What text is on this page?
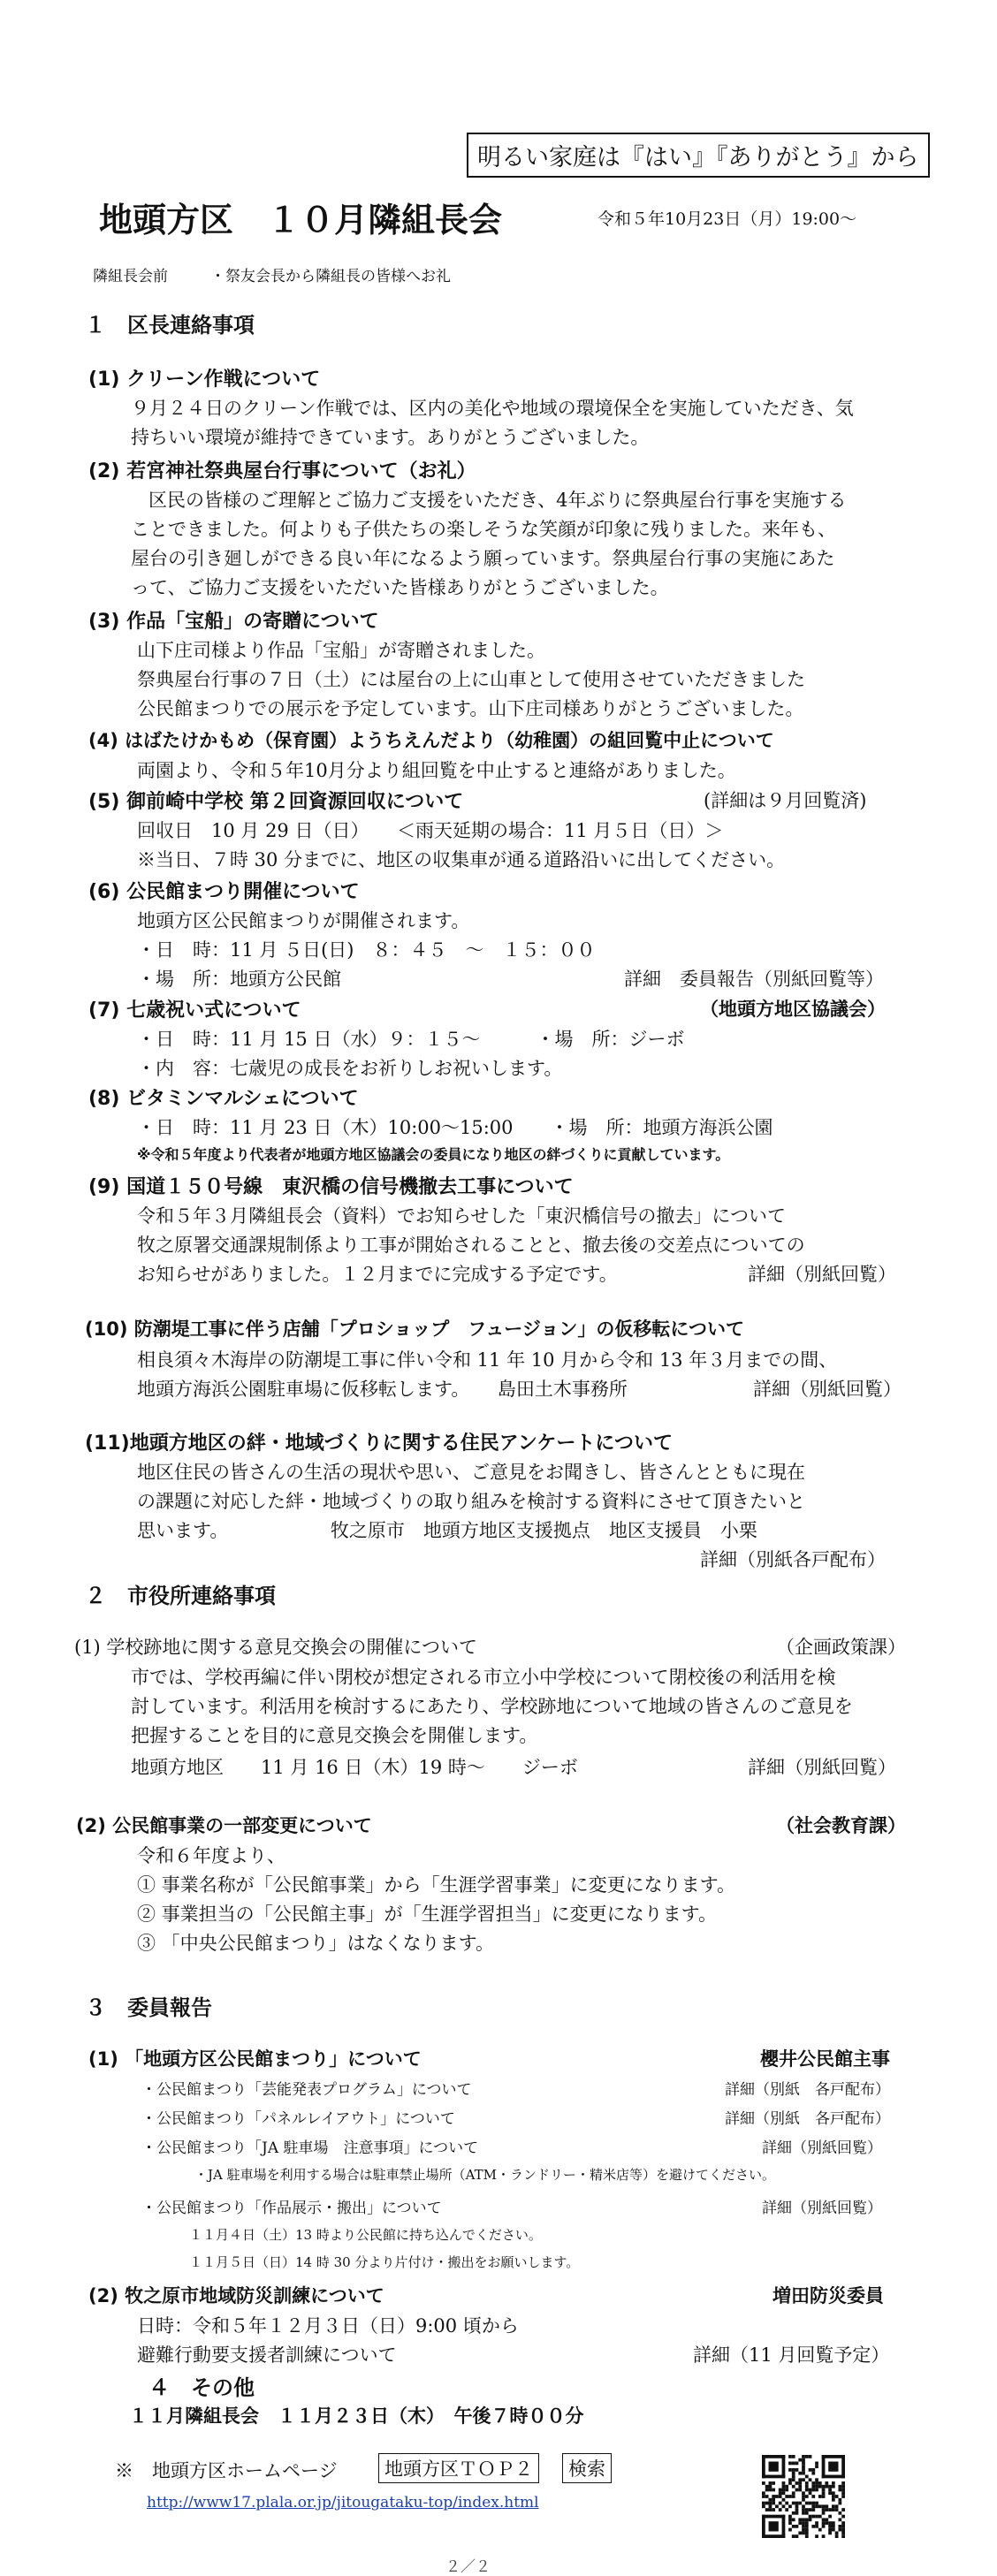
明るい家庭は『はい』『ありがとう』から
地頭方区　１０月隣組長会	令和５年10月23日（月）19:00～
隣組長会前	・祭友会長から隣組長の皆様へお礼
１　区長連絡事項
(1) クリーン作戦について
９月２４日のクリーン作戦では、区内の美化や地域の環境保全を実施していただき、気
持ちいい環境が維持できています。ありがとうございました。
(2) 若宮神社祭典屋台行事について（お礼）
区民の皆様のご理解とご協力ご支援をいただき、4年ぶりに祭典屋台行事を実施する
ことできました。何よりも子供たちの楽しそうな笑顔が印象に残りました。来年も、
屋台の引き廻しができる良い年になるよう願っています。祭典屋台行事の実施にあた
って、ご協力ご支援をいただいた皆様ありがとうございました。
(3) 作品「宝船」の寄贈について
山下庄司様より作品「宝船」が寄贈されました。
祭典屋台行事の７日（土）には屋台の上に山車として使用させていただきました
公民館まつりでの展示を予定しています。山下庄司様ありがとうございました。
(4) はばたけかもめ（保育園）ようちえんだより（幼稚園）の組回覧中止について
両園より、令和５年10月分より組回覧を中止すると連絡がありました。
(5) 御前崎中学校 第２回資源回収について	(詳細は９月回覧済)
回収日　10 月 29 日（日）　　＜雨天延期の場合：11 月５日（日）＞
※当日、７時 30 分までに、地区の収集車が通る道路沿いに出してください。
(6) 公民館まつり開催について
地頭方区公民館まつりが開催されます。
・日　時：11 月 ５日(日)　８：４５　～　１５：００
・場　所：地頭方公民館	詳細　委員報告（別紙回覧等）
(7) 七歳祝い式について	（地頭方地区協議会）
・日　時：11 月 15 日（水）９：１５～　　　・場　所：ジーボ
・内　容：七歳児の成長をお祈りしお祝いします。
(8) ビタミンマルシェについて
・日　時：11 月 23 日（木）10:00～15:00　　・場　所：地頭方海浜公園
※令和５年度より代表者が地頭方地区協議会の委員になり地区の絆づくりに貢献しています。
(9) 国道１５０号線　東沢橋の信号機撤去工事について
令和５年３月隣組長会（資料）でお知らせした「東沢橋信号の撤去」について
牧之原署交通課規制係より工事が開始されることと、撤去後の交差点についての
お知らせがありました。１２月までに完成する予定です。	詳細（別紙回覧）
(10) 防潮堤工事に伴う店舗「プロショップ　フュージョン」の仮移転について
相良須々木海岸の防潮堤工事に伴い令和 11 年 10 月から令和 13 年３月までの間、
地頭方海浜公園駐車場に仮移転します。　　島田土木事務所	詳細（別紙回覧）
(11)地頭方地区の絆・地域づくりに関する住民アンケートについて
地区住民の皆さんの生活の現状や思い、ご意見をお聞きし、皆さんとともに現在
の課題に対応した絆・地域づくりの取り組みを検討する資料にさせて頂きたいと
思います。　　　　　　牧之原市　地頭方地区支援拠点　地区支援員　小栗
詳細（別紙各戸配布）
２　市役所連絡事項
(1) 学校跡地に関する意見交換会の開催について	（企画政策課）
市では、学校再編に伴い閉校が想定される市立小中学校について閉校後の利活用を検
討しています。利活用を検討するにあたり、学校跡地について地域の皆さんのご意見を
把握することを目的に意見交換会を開催します。
地頭方地区　　11 月 16 日（木）19 時～　　ジーボ	詳細（別紙回覧）
(2) 公民館事業の一部変更について	（社会教育課）
令和６年度より、
① 事業名称が「公民館事業」から「生涯学習事業」に変更になります。
② 事業担当の「公民館主事」が「生涯学習担当」に変更になります。
③ 「中央公民館まつり」はなくなります。
３　委員報告
(1) 「地頭方区公民館まつり」について	櫻井公民館主事
・公民館まつり「芸能発表プログラム」について	詳細（別紙　各戸配布）
・公民館まつり「パネルレイアウト」について	詳細（別紙　各戸配布）
・公民館まつり「JA 駐車場　注意事項」について	詳細（別紙回覧）
・JA 駐車場を利用する場合は駐車禁止場所（ATM・ランドリー・精米店等）を避けてください。
・公民館まつり「作品展示・搬出」について	詳細（別紙回覧）
１１月４日（土）13 時より公民館に持ち込んでください。
１１月５日（日）14 時 30 分より片付け・搬出をお願いします。
(2) 牧之原市地域防災訓練について	増田防災委員
日時：令和５年１２月３日（日）9:00 頃から
避難行動要支援者訓練について	詳細（11 月回覧予定）
４　その他
１１月隣組長会　１１月２３日（木）　午後７時００分
※　地頭方区ホームページ	地頭方区ＴＯＰ２	検索
http://www17.plala.or.jp/jitougataku-top/index.html
２／２
